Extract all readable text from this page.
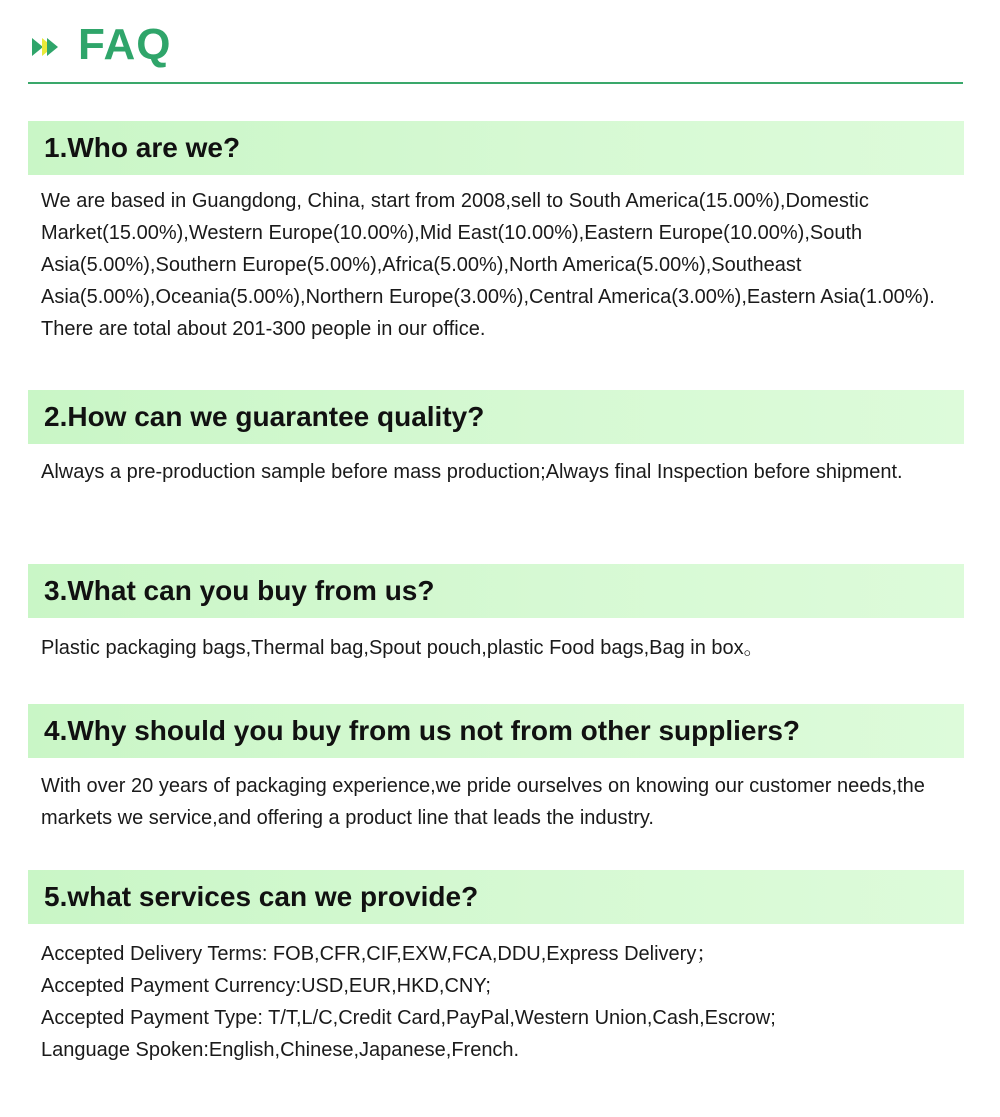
FAQ
1.Who are we?

We are based in Guangdong, China, start from 2008,sell to South America(15.00%),Domestic Market(15.00%),Western Europe(10.00%),Mid East(10.00%),Eastern Europe(10.00%),South Asia(5.00%),Southern Europe(5.00%),Africa(5.00%),North America(5.00%),Southeast Asia(5.00%),Oceania(5.00%),Northern Europe(3.00%),Central America(3.00%),Eastern Asia(1.00%). There are total about 201-300 people in our office.

2.How can we guarantee quality?

Always a pre-production sample before mass production;Always final Inspection before shipment.

3.What can you buy from us?

Plastic packaging bags,Thermal bag,Spout pouch,plastic Food bags,Bag in box。

4.Why should you buy from us not from other suppliers?

With over 20 years of packaging experience,we pride ourselves on knowing our customer needs,the markets we service,and offering a product line that leads the industry.

5.what services can we provide?

Accepted Delivery Terms: FOB,CFR,CIF,EXW,FCA,DDU,Express Delivery；

Accepted Payment Currency:USD,EUR,HKD,CNY;

Accepted Payment Type: T/T,L/C,Credit Card,PayPal,Western Union,Cash,Escrow;

Language Spoken:English,Chinese,Japanese,French.
